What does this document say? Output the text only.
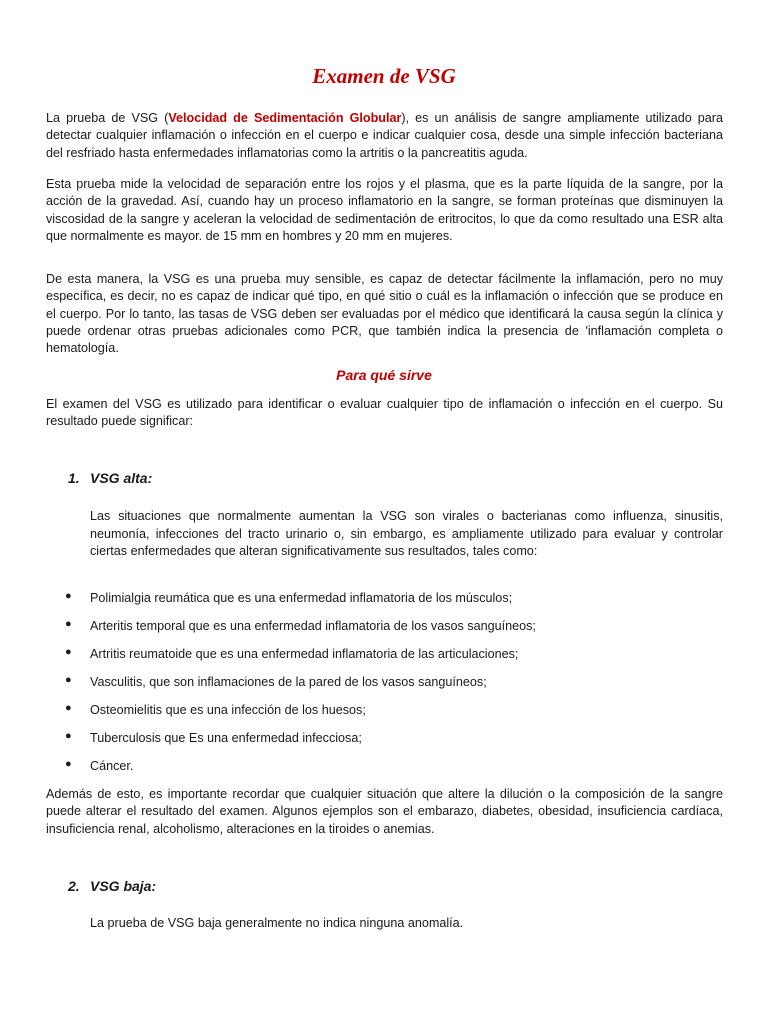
Examen de VSG

La prueba de VSG (Velocidad de Sedimentación Globular), es un análisis de sangre ampliamente utilizado para detectar cualquier inflamación o infección en el cuerpo e indicar cualquier cosa, desde una simple infección bacteriana del resfriado hasta enfermedades inflamatorias como la artritis o la pancreatitis aguda.

Esta prueba mide la velocidad de separación entre los rojos y el plasma, que es la parte líquida de la sangre, por la acción de la gravedad. Así, cuando hay un proceso inflamatorio en la sangre, se forman proteínas que disminuyen la viscosidad de la sangre y aceleran la velocidad de sedimentación de eritrocitos, lo que da como resultado una ESR alta que normalmente es mayor. de 15 mm en hombres y 20 mm en mujeres.

De esta manera, la VSG es una prueba muy sensible, es capaz de detectar fácilmente la inflamación, pero no muy específica, es decir, no es capaz de indicar qué tipo, en qué sitio o cuál es la inflamación o infección que se produce en el cuerpo. Por lo tanto, las tasas de VSG deben ser evaluadas por el médico que identificará la causa según la clínica y puede ordenar otras pruebas adicionales como PCR, que también indica la presencia de 'inflamación completa o hematología.

Para qué sirve

El examen del VSG es utilizado para identificar o evaluar cualquier tipo de inflamación o infección en el cuerpo. Su resultado puede significar:

1. VSG alta:

Las situaciones que normalmente aumentan la VSG son virales o bacterianas como influenza, sinusitis, neumonía, infecciones del tracto urinario o, sin embargo, es ampliamente utilizado para evaluar y controlar ciertas enfermedades que alteran significativamente sus resultados, tales como:

● Polimialgia reumática que es una enfermedad inflamatoria de los músculos;
● Arteritis temporal que es una enfermedad inflamatoria de los vasos sanguíneos;
● Artritis reumatoide que es una enfermedad inflamatoria de las articulaciones;
● Vasculitis, que son inflamaciones de la pared de los vasos sanguíneos;
● Osteomielitis que es una infección de los huesos;
● Tuberculosis que Es una enfermedad infecciosa;
● Cáncer.

Además de esto, es importante recordar que cualquier situación que altere la dilución o la composición de la sangre puede alterar el resultado del examen. Algunos ejemplos son el embarazo, diabetes, obesidad, insuficiencia cardíaca, insuficiencia renal, alcoholismo, alteraciones en la tiroides o anemias.

2. VSG baja:

La prueba de VSG baja generalmente no indica ninguna anomalía.
